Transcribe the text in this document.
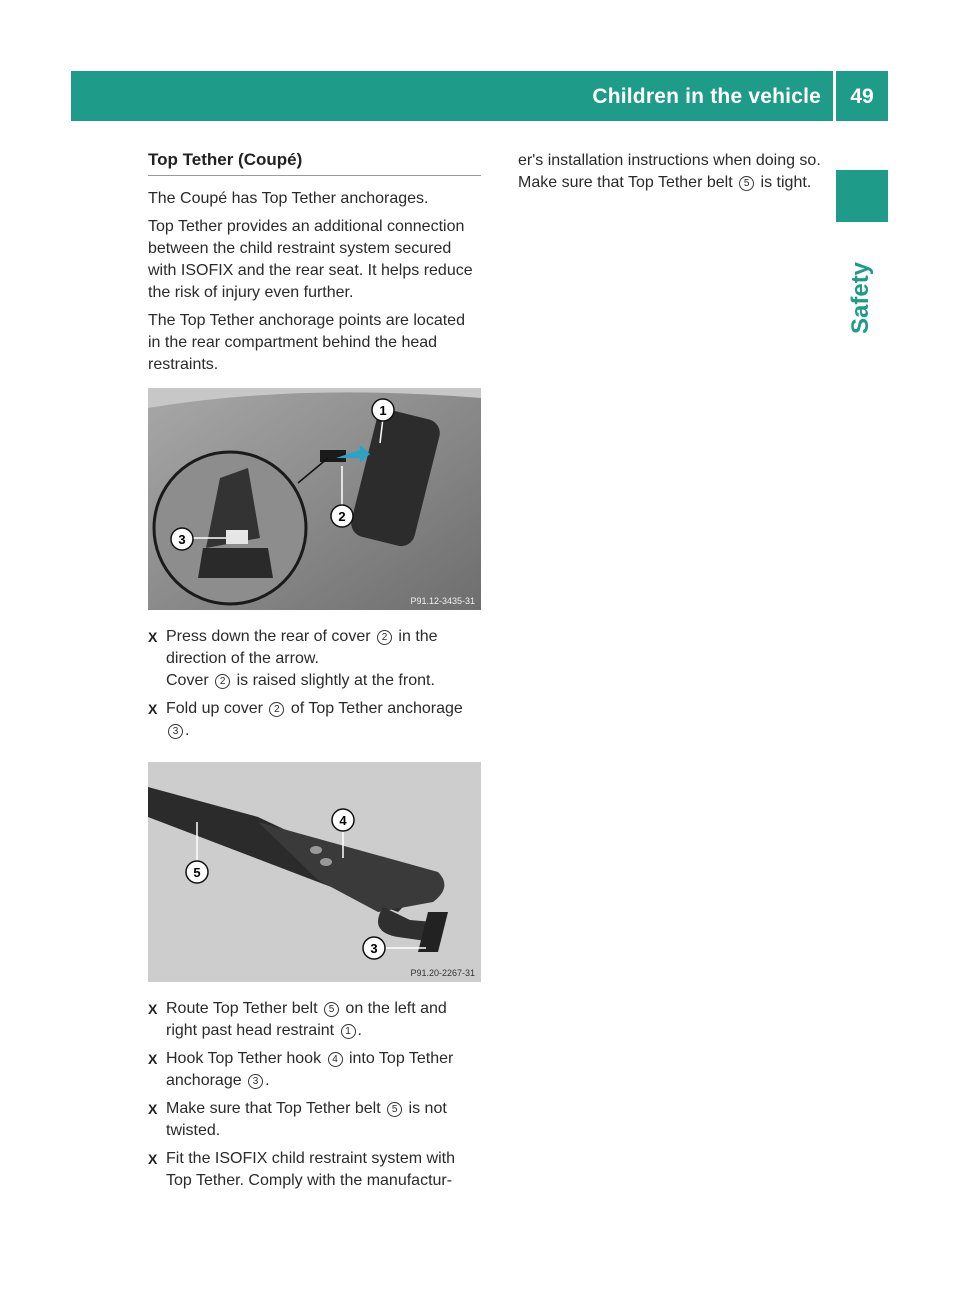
Children in the vehicle	49
Safety
Top Tether (Coupé)

The Coupé has Top Tether anchorages.

Top Tether provides an additional connection between the child restraint system secured with ISOFIX and the rear seat. It helps reduce the risk of injury even further.

The Top Tether anchorage points are located in the rear compartment behind the head restraints.

1
2
3
P91.12-3435-31
X Press down the rear of cover 2 in the direction of the arrow.
Cover 2 is raised slightly at the front.
X Fold up cover 2 of Top Tether anchorage 3 .
4
5
3
P91.20-2267-31
X Route Top Tether belt 5 on the left and right past head restraint 1 .
X Hook Top Tether hook 4 into Top Tether anchorage 3 .
X Make sure that Top Tether belt 5 is not twisted.
X Fit the ISOFIX child restraint system with Top Tether. Comply with the manufactur-
er's installation instructions when doing so. Make sure that Top Tether belt 5 is tight.
